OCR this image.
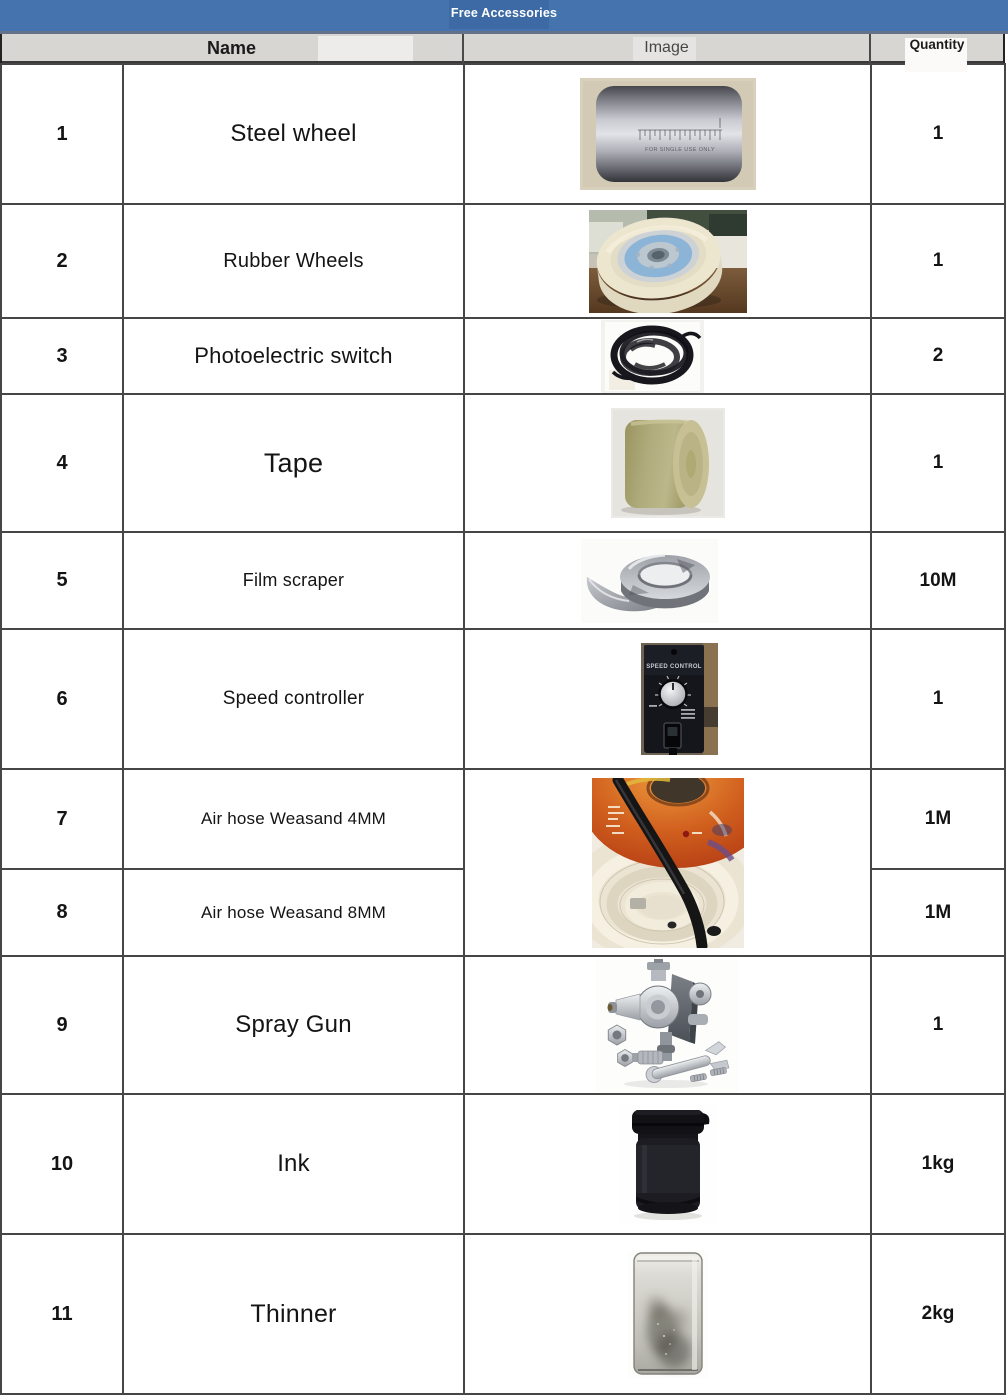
Free Accessories
Name	Image	Quantity
1	Steel wheel	FOR SINGLE USE ONLY	1
2	Rubber Wheels		1
3	Photoelectric switch		2
4	Tape		1
5	Film scraper		10M
6	Speed controller	SPEED CONTROL	1
7	Air hose Weasand 4MM		1M
8	Air hose Weasand 8MM		1M
9	Spray Gun		1
10	Ink		1kg
11	Thinner		2kg
